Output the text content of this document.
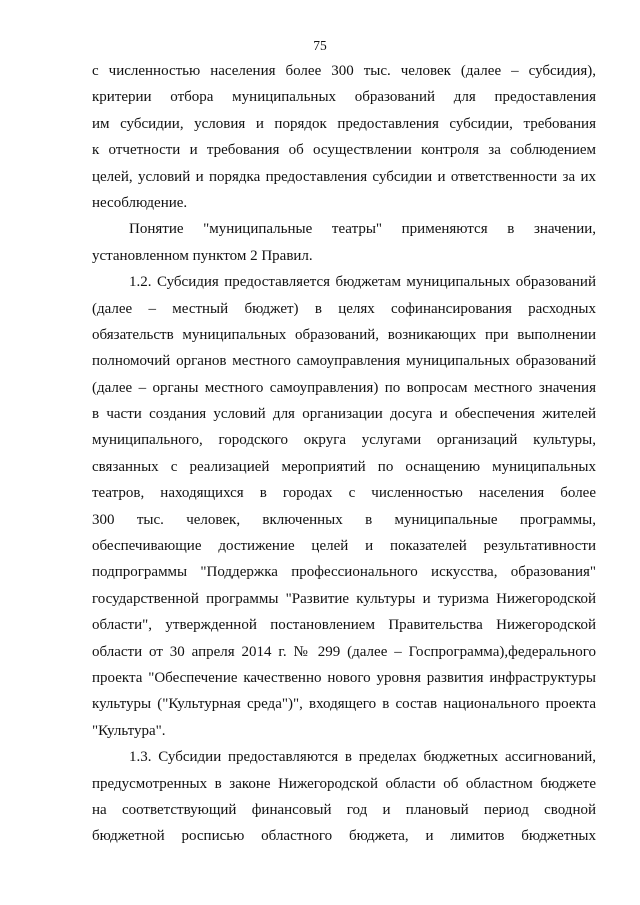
75
с численностью населения более 300 тыс. человек (далее – субсидия),
критерии отбора муниципальных образований для предоставления
им субсидии, условия и порядок предоставления субсидии, требования
к отчетности и требования об осуществлении контроля за соблюдением
целей, условий и порядка предоставления субсидии и ответственности за их
несоблюдение.
Понятие "муниципальные театры" применяются в значении,
установленном пунктом 2 Правил.
1.2. Субсидия предоставляется бюджетам муниципальных образований
(далее – местный бюджет) в целях софинансирования расходных
обязательств муниципальных образований, возникающих при выполнении
полномочий органов местного самоуправления муниципальных образований
(далее – органы местного самоуправления) по вопросам местного значения
в части создания условий для организации досуга и обеспечения жителей
муниципального, городского округа услугами организаций культуры,
связанных с реализацией мероприятий по оснащению муниципальных
театров, находящихся в городах с численностью населения более
300 тыс. человек, включенных в муниципальные программы,
обеспечивающие достижение целей и показателей результативности
подпрограммы "Поддержка профессионального искусства, образования"
государственной программы "Развитие культуры и туризма Нижегородской
области", утвержденной постановлением Правительства Нижегородской
области от 30 апреля 2014 г. № 299 (далее – Госпрограмма),федерального
проекта "Обеспечение качественно нового уровня развития инфраструктуры
культуры ("Культурная среда")", входящего в состав национального проекта
"Культура".
1.3. Субсидии предоставляются в пределах бюджетных ассигнований,
предусмотренных в законе Нижегородской области об областном бюджете
на соответствующий финансовый год и плановый период сводной
бюджетной росписью областного бюджета, и лимитов бюджетных
